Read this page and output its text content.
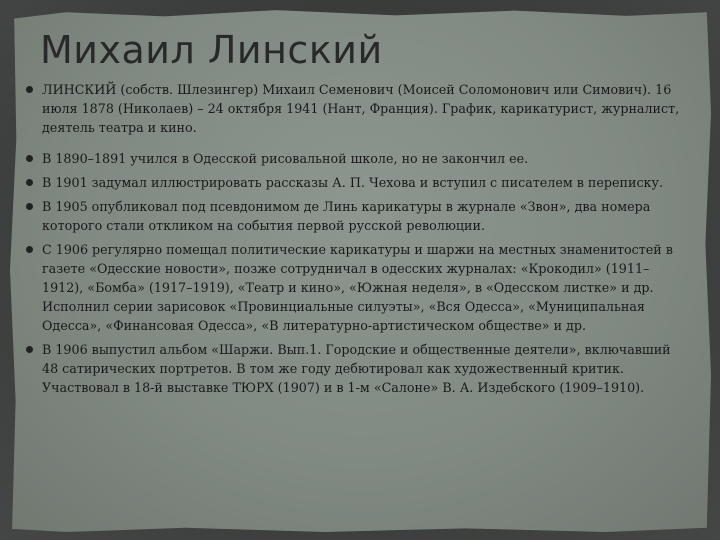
Михаил Линский
ЛИНСКИЙ (собств. Шлезингер) Михаил Семенович (Моисей Соломонович или Симович). 16 июля 1878 (Николаев) – 24 октября 1941 (Нант, Франция). График, карикатурист, журналист, деятель театра и кино.
В 1890–1891 учился в Одесской рисовальной школе, но не закончил ее.
В 1901 задумал иллюстрировать рассказы А. П. Чехова и вступил с писателем в переписку.
В 1905 опубликовал под псевдонимом де Линь карикатуры в журнале «Звон», два номера которого стали откликом на события первой русской революции.
С 1906 регулярно помещал политические карикатуры и шаржи на местных знаменитостей в газете «Одесские новости», позже сотрудничал в одесских журналах: «Крокодил» (1911–1912), «Бомба» (1917–1919), «Театр и кино», «Южная неделя», в «Одесском листке» и др. Исполнил серии зарисовок «Провинциальные силуэты», «Вся Одесса», «Муниципальная Одесса», «Финансовая Одесса», «В литературно-артистическом обществе» и др.
В 1906 выпустил альбом «Шаржи. Вып.1. Городские и общественные деятели», включавший 48 сатирических портретов. В том же году дебютировал как художественный критик. Участвовал в 18-й выставке ТЮРХ (1907) и в 1-м «Салоне» В. А. Издебского (1909–1910).
